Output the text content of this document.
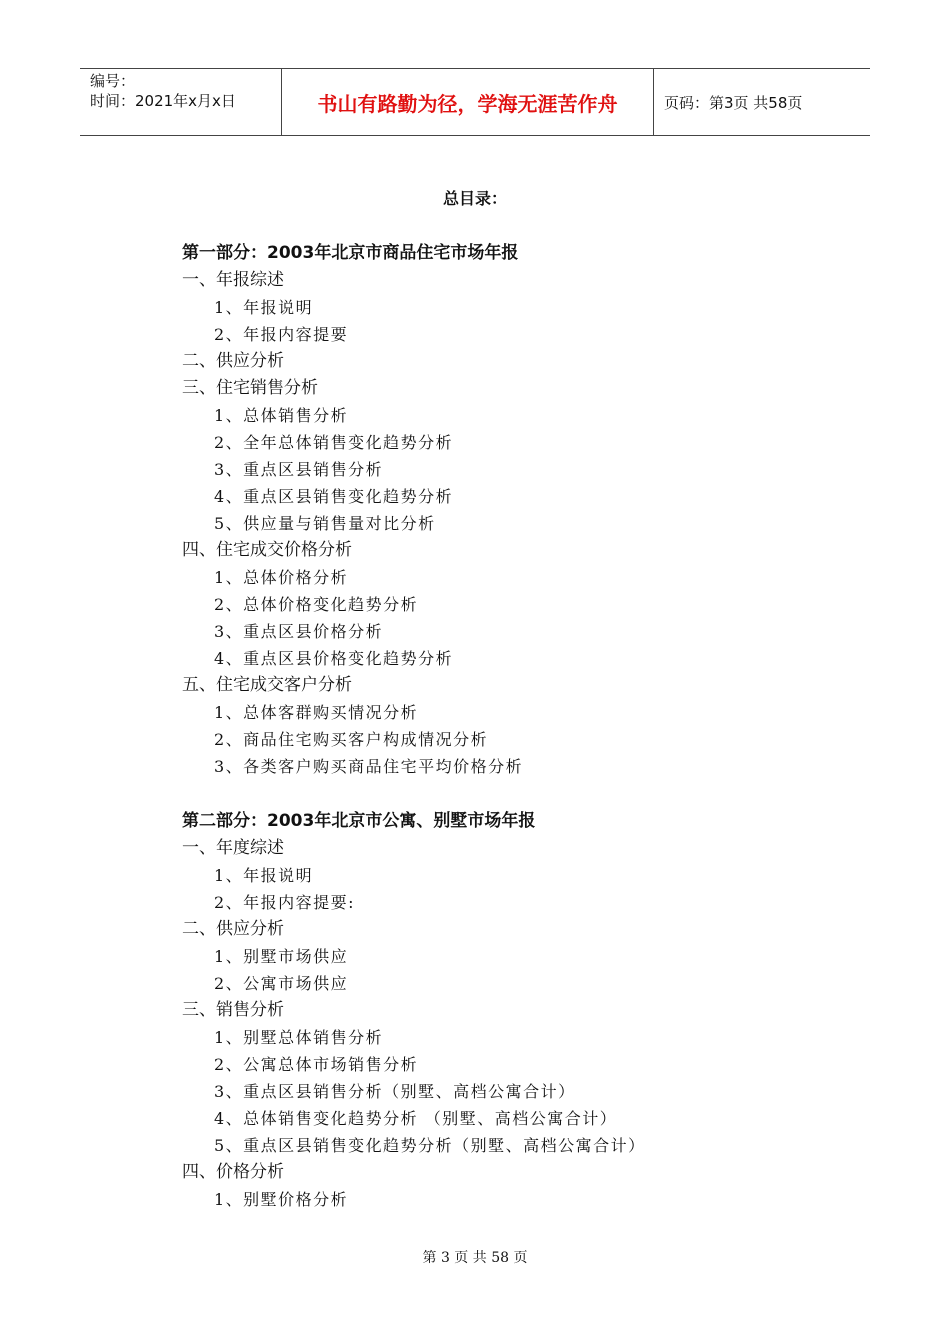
编号：
时间：2021年x月x日	书山有路勤为径，学海无涯苦作舟	页码：第3页 共58页
总目录：
第一部分：2003年北京市商品住宅市场年报
一、年报综述
1、年报说明
2、年报内容提要
二、供应分析
三、住宅销售分析
1、总体销售分析
2、全年总体销售变化趋势分析
3、重点区县销售分析
4、重点区县销售变化趋势分析
5、供应量与销售量对比分析
四、住宅成交价格分析
1、总体价格分析
2、总体价格变化趋势分析
3、重点区县价格分析
4、重点区县价格变化趋势分析
五、住宅成交客户分析
1、总体客群购买情况分析
2、商品住宅购买客户构成情况分析
3、各类客户购买商品住宅平均价格分析
第二部分：2003年北京市公寓、别墅市场年报
一、年度综述
1、年报说明
2、年报内容提要:
二、供应分析
1、别墅市场供应
2、公寓市场供应
三、销售分析
1、别墅总体销售分析
2、公寓总体市场销售分析
3、重点区县销售分析（别墅、高档公寓合计）
4、总体销售变化趋势分析 （别墅、高档公寓合计）
5、重点区县销售变化趋势分析（别墅、高档公寓合计）
四、价格分析
1、别墅价格分析
第 3 页 共 58 页
